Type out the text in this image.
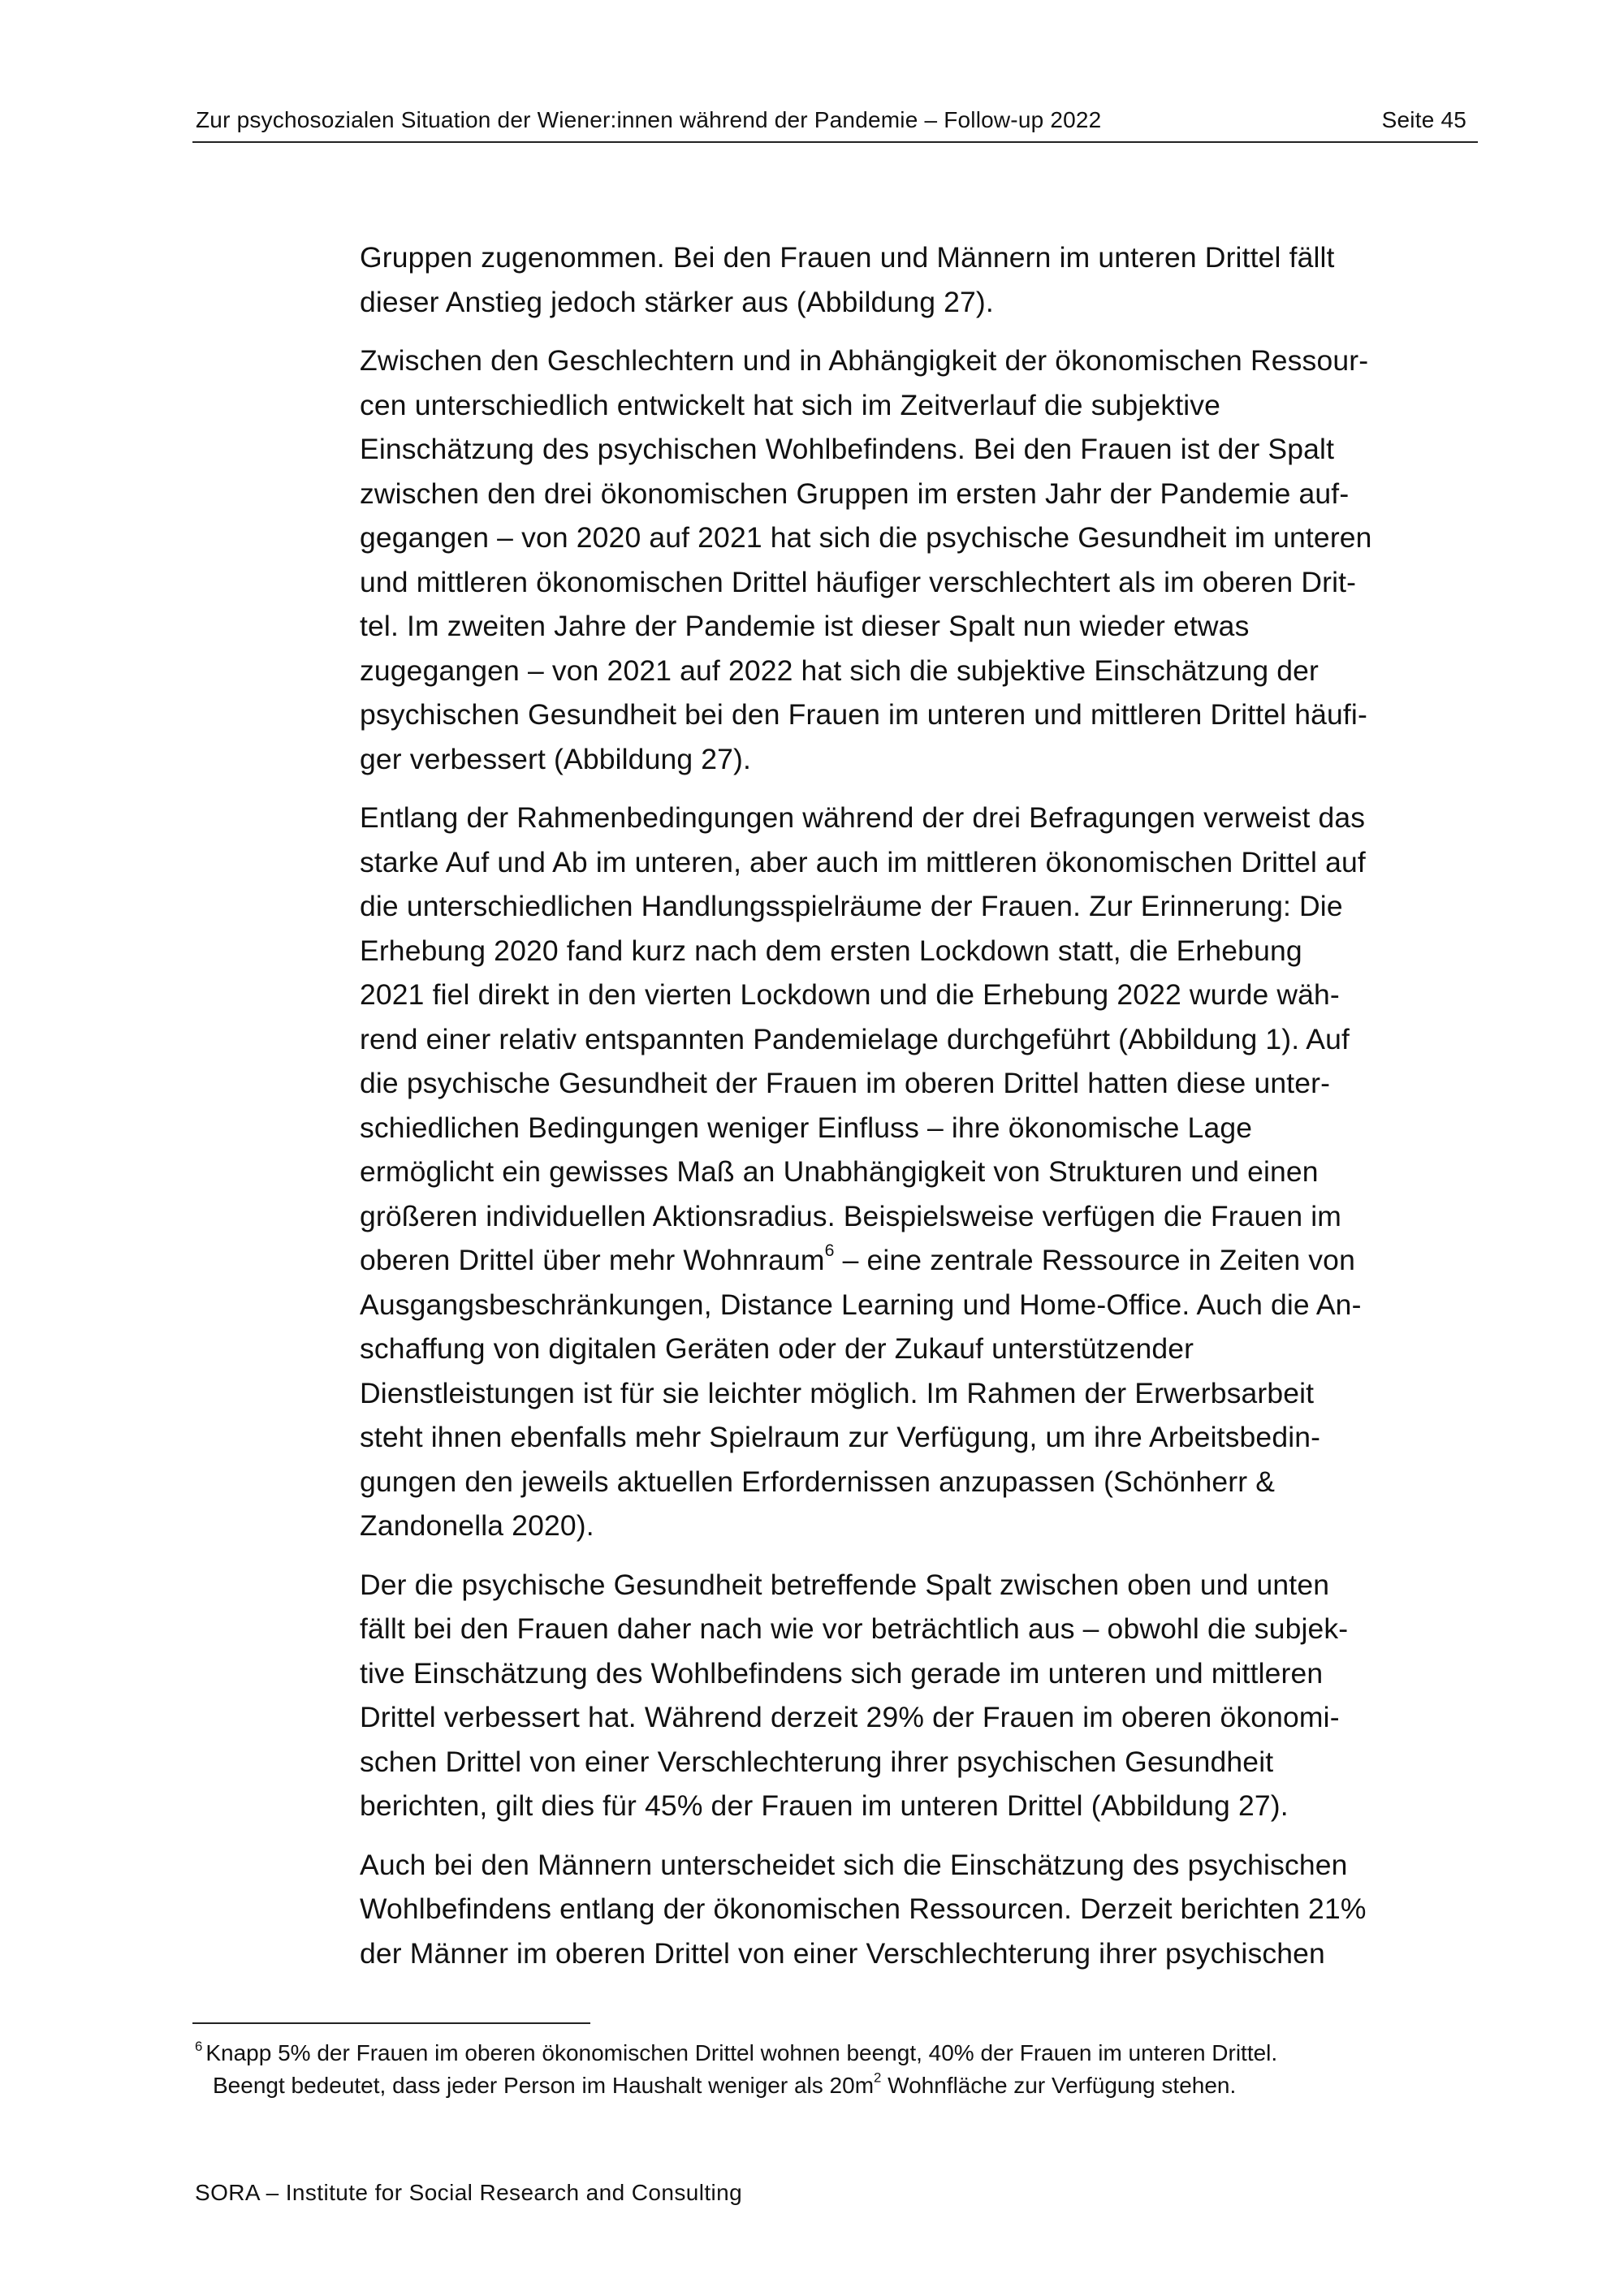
Zur psychosozialen Situation der Wiener:innen während der Pandemie – Follow-up 2022	Seite 45
Gruppen zugenommen. Bei den Frauen und Männern im unteren Drittel fällt
dieser Anstieg jedoch stärker aus (Abbildung 27).
Zwischen den Geschlechtern und in Abhängigkeit der ökonomischen Ressour-
cen unterschiedlich entwickelt hat sich im Zeitverlauf die subjektive
Einschätzung des psychischen Wohlbefindens. Bei den Frauen ist der Spalt
zwischen den drei ökonomischen Gruppen im ersten Jahr der Pandemie auf-
gegangen – von 2020 auf 2021 hat sich die psychische Gesundheit im unteren
und mittleren ökonomischen Drittel häufiger verschlechtert als im oberen Drit-
tel. Im zweiten Jahre der Pandemie ist dieser Spalt nun wieder etwas
zugegangen – von 2021 auf 2022 hat sich die subjektive Einschätzung der
psychischen Gesundheit bei den Frauen im unteren und mittleren Drittel häufi-
ger verbessert (Abbildung 27).
Entlang der Rahmenbedingungen während der drei Befragungen verweist das
starke Auf und Ab im unteren, aber auch im mittleren ökonomischen Drittel auf
die unterschiedlichen Handlungsspielräume der Frauen. Zur Erinnerung: Die
Erhebung 2020 fand kurz nach dem ersten Lockdown statt, die Erhebung
2021 fiel direkt in den vierten Lockdown und die Erhebung 2022 wurde wäh-
rend einer relativ entspannten Pandemielage durchgeführt (Abbildung 1). Auf
die psychische Gesundheit der Frauen im oberen Drittel hatten diese unter-
schiedlichen Bedingungen weniger Einfluss – ihre ökonomische Lage
ermöglicht ein gewisses Maß an Unabhängigkeit von Strukturen und einen
größeren individuellen Aktionsradius. Beispielsweise verfügen die Frauen im
oberen Drittel über mehr Wohnraum$^6$ – eine zentrale Ressource in Zeiten von
Ausgangsbeschränkungen, Distance Learning und Home-Office. Auch die An-
schaffung von digitalen Geräten oder der Zukauf unterstützender
Dienstleistungen ist für sie leichter möglich. Im Rahmen der Erwerbsarbeit
steht ihnen ebenfalls mehr Spielraum zur Verfügung, um ihre Arbeitsbedin-
gungen den jeweils aktuellen Erfordernissen anzupassen (Schönherr &
Zandonella 2020).
Der die psychische Gesundheit betreffende Spalt zwischen oben und unten
fällt bei den Frauen daher nach wie vor beträchtlich aus – obwohl die subjek-
tive Einschätzung des Wohlbefindens sich gerade im unteren und mittleren
Drittel verbessert hat. Während derzeit 29% der Frauen im oberen ökonomi-
schen Drittel von einer Verschlechterung ihrer psychischen Gesundheit
berichten, gilt dies für 45% der Frauen im unteren Drittel (Abbildung 27).
Auch bei den Männern unterscheidet sich die Einschätzung des psychischen
Wohlbefindens entlang der ökonomischen Ressourcen. Derzeit berichten 21%
der Männer im oberen Drittel von einer Verschlechterung ihrer psychischen
$^6$ Knapp 5% der Frauen im oberen ökonomischen Drittel wohnen beengt, 40% der Frauen im unteren Drittel.
Beengt bedeutet, dass jeder Person im Haushalt weniger als $20m^2$ Wohnfläche zur Verfügung stehen.
SORA – Institute for Social Research and Consulting
